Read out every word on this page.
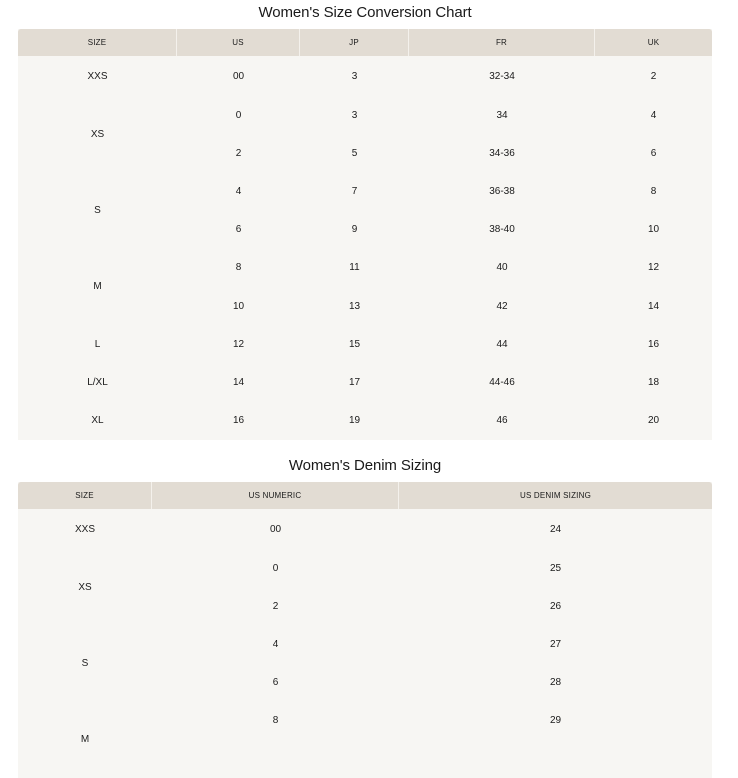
Women's Size Conversion Chart
SIZE	US	JP	FR	UK
XXS	00	3	32-34	2
XS	0	3	34	4
	2	5	34-36	6
S	4	7	36-38	8
	6	9	38-40	10
M	8	11	40	12
	10	13	42	14
L	12	15	44	16
L/XL	14	17	44-46	18
XL	16	19	46	20
Women's Denim Sizing
SIZE	US NUMERIC	US DENIM SIZING
XXS	00	24
XS	0	25
	2	26
S	4	27
	6	28
M	8	29
